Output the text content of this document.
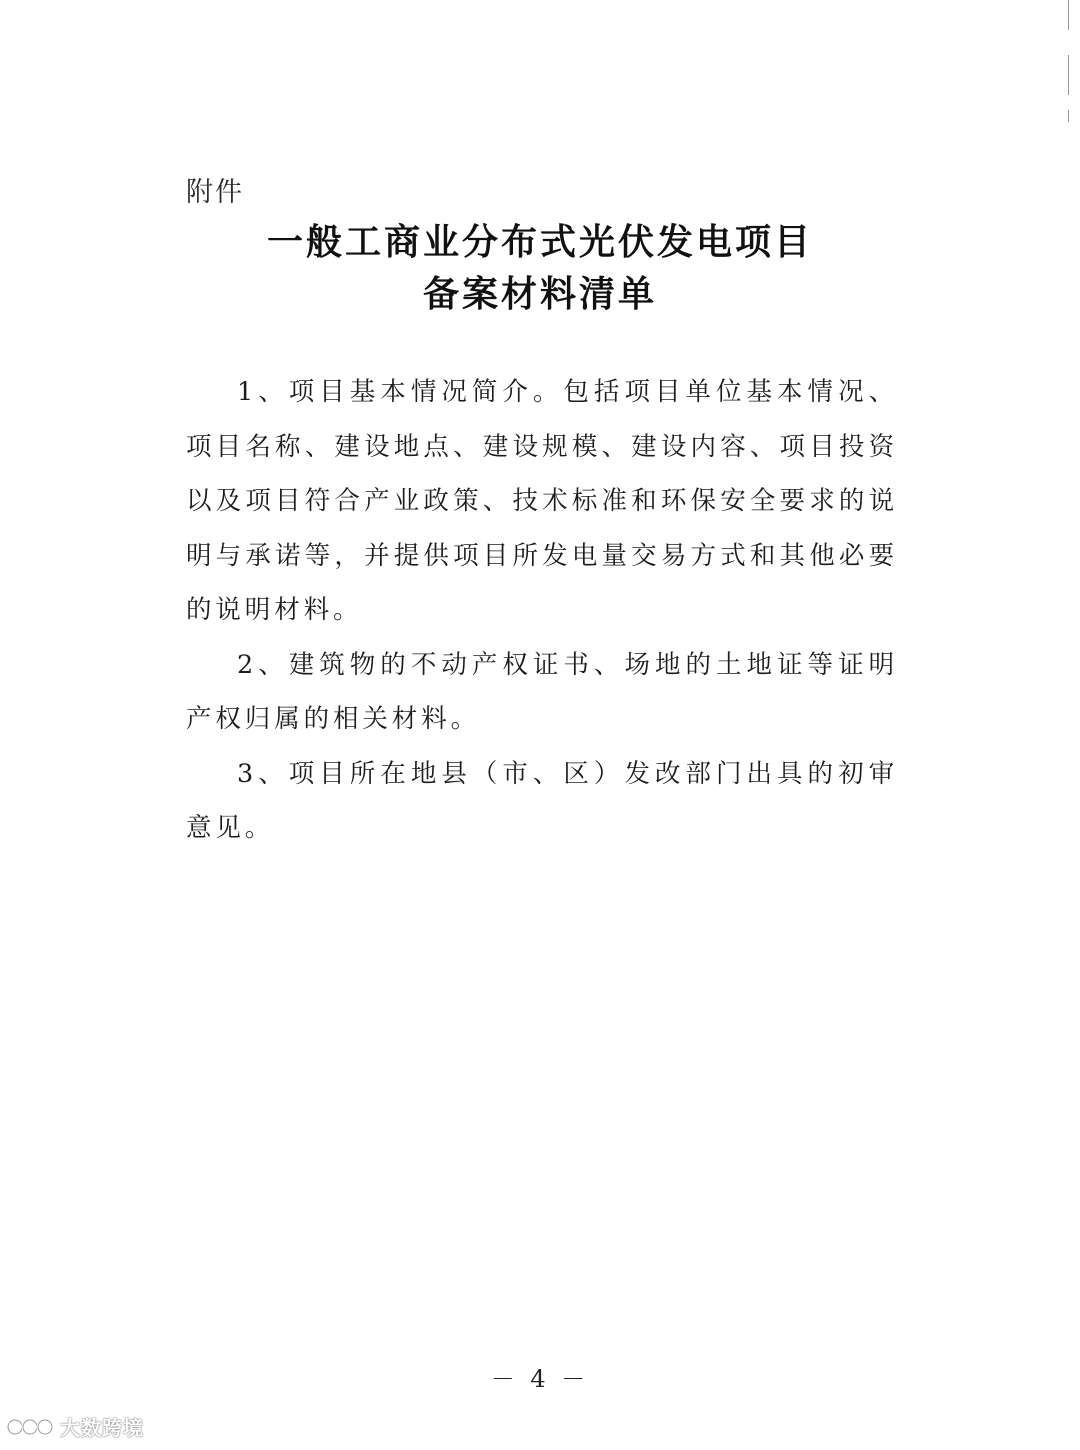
附件
一般工商业分布式光伏发电项目
备案材料清单

1、项目基本情况简介。包括项目单位基本情况、项目名称、建设地点、建设规模、建设内容、项目投资以及项目符合产业政策、技术标准和环保安全要求的说明与承诺等，并提供项目所发电量交易方式和其他必要的说明材料。

2、建筑物的不动产权证书、场地的土地证等证明产权归属的相关材料。

3、项目所在地县（市、区）发改部门出具的初审意见。

－ 4 －
大数跨境
